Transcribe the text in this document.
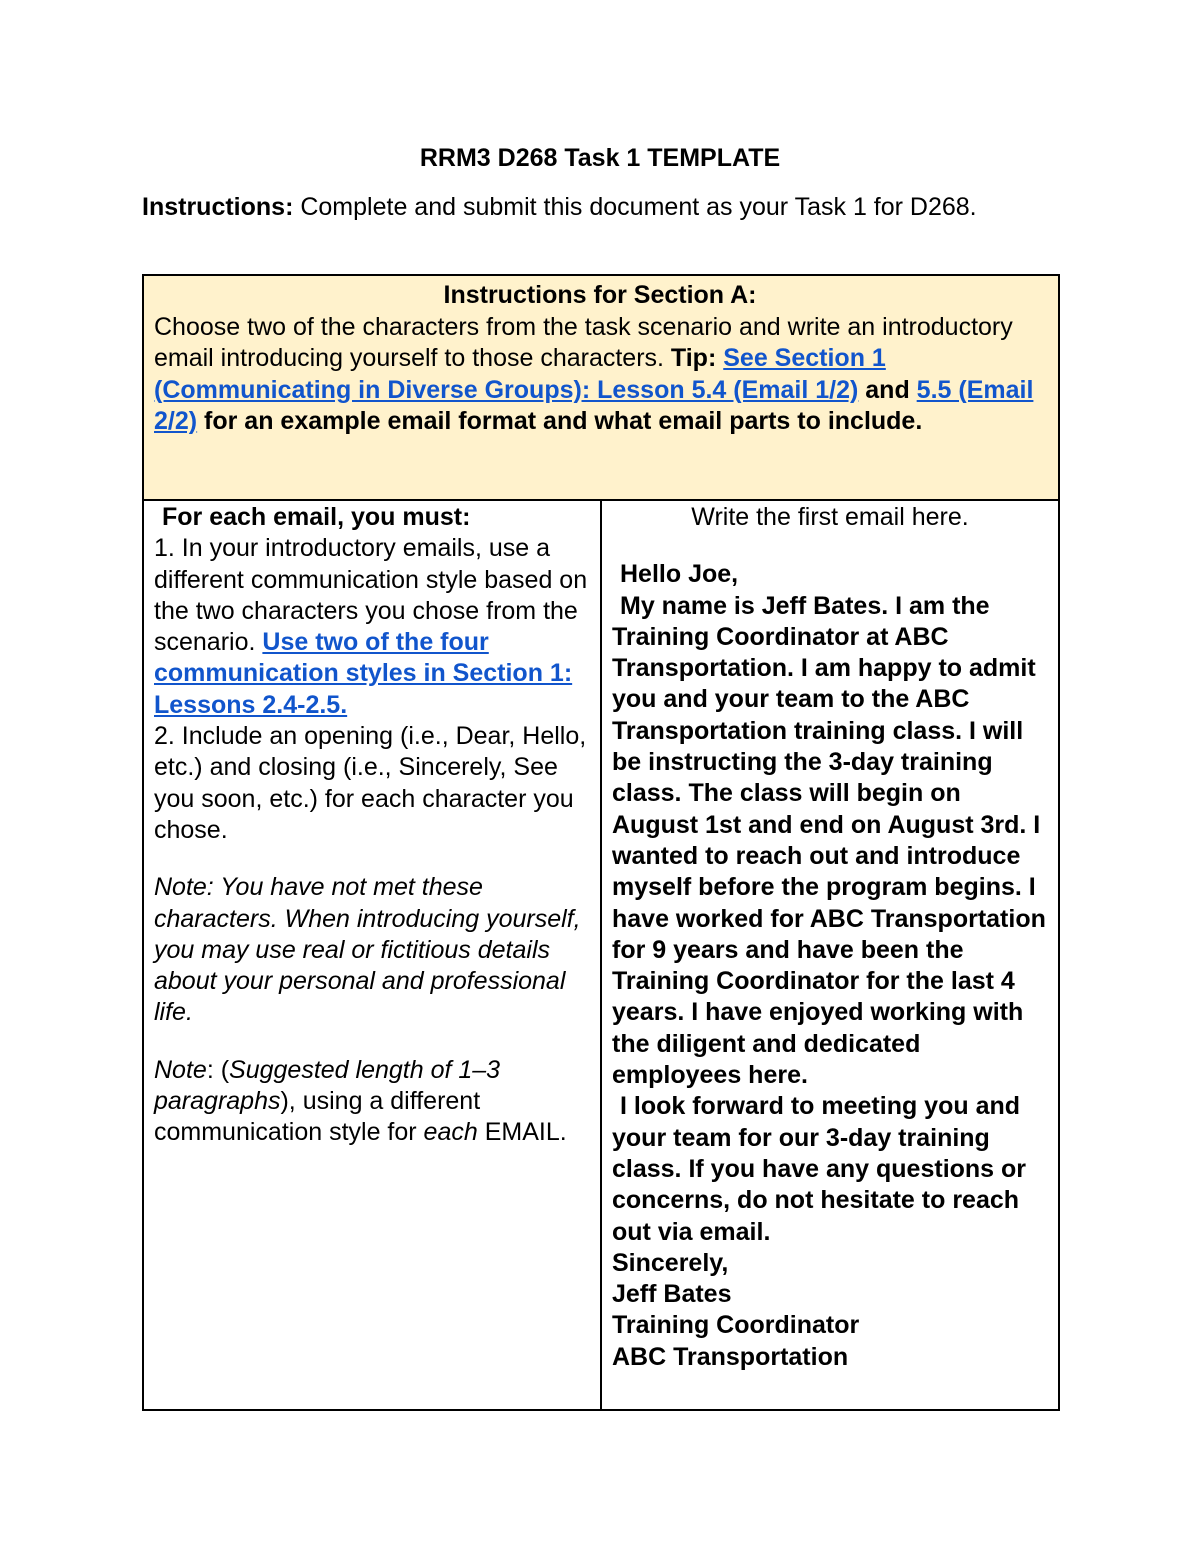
RRM3 D268 Task 1 TEMPLATE

Instructions: Complete and submit this document as your Task 1 for D268.

Instructions for Section A:
Choose two of the characters from the task scenario and write an introductory email introducing yourself to those characters. Tip: See Section 1 (Communicating in Diverse Groups): Lesson 5.4 (Email 1/2) and 5.5 (Email 2/2) for an example email format and what email parts to include.

For each email, you must:
1. In your introductory emails, use a different communication style based on the two characters you chose from the scenario. Use two of the four communication styles in Section 1: Lessons 2.4-2.5.
2. Include an opening (i.e., Dear, Hello, etc.) and closing (i.e., Sincerely, See you soon, etc.) for each character you chose.
Note: You have not met these characters. When introducing yourself, you may use real or fictitious details about your personal and professional life.
Note: (Suggested length of 1–3 paragraphs), using a different communication style for each EMAIL.

Write the first email here.
Hello Joe,
My name is Jeff Bates. I am the Training Coordinator at ABC Transportation. I am happy to admit you and your team to the ABC Transportation training class. I will be instructing the 3-day training class. The class will begin on August 1st and end on August 3rd. I wanted to reach out and introduce myself before the program begins. I have worked for ABC Transportation for 9 years and have been the Training Coordinator for the last 4 years. I have enjoyed working with the diligent and dedicated employees here.
I look forward to meeting you and your team for our 3-day training class. If you have any questions or concerns, do not hesitate to reach out via email.
Sincerely,
Jeff Bates
Training Coordinator
ABC Transportation
